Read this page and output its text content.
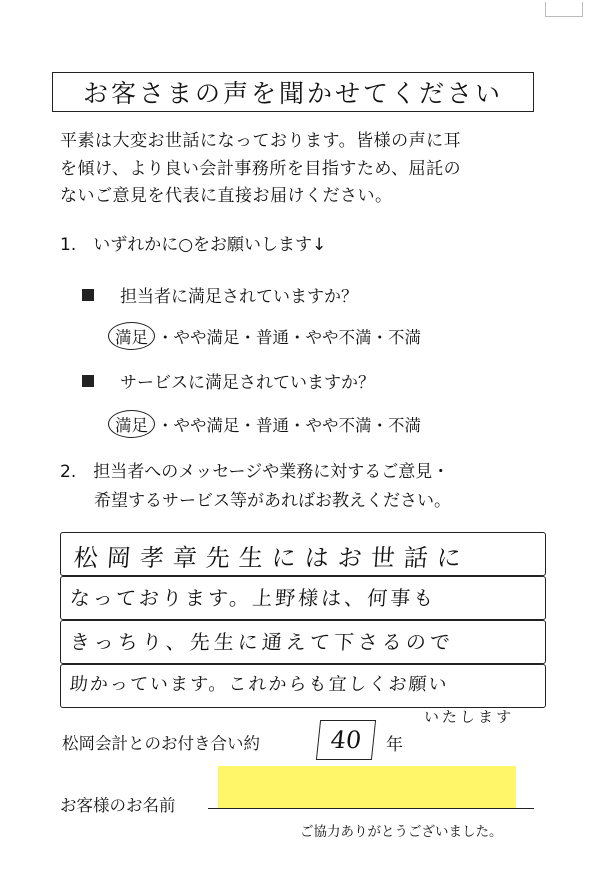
お客さまの声を聞かせてください
平素は大変お世話になっております。皆様の声に耳
を傾け、より良い会計事務所を目指すため、屈託の
ないご意見を代表に直接お届けください。
1.　いずれかに○をお願いします↓
担当者に満足されていますか？
満足 ・やや満足・普通・やや不満・不満
サービスに満足されていますか？
満足 ・やや満足・普通・やや不満・不満
2.　担当者へのメッセージや業務に対するご意見・
　　希望するサービス等があればお教えください。
松岡孝章先生にはお世話に
なっております。上野様は、何事も
きっちり、先生に通えて下さるので
助かっています。これからも宜しくお願い
いたします
松岡会計とのお付き合い約	40	年
お客様のお名前
ご協力ありがとうございました。
